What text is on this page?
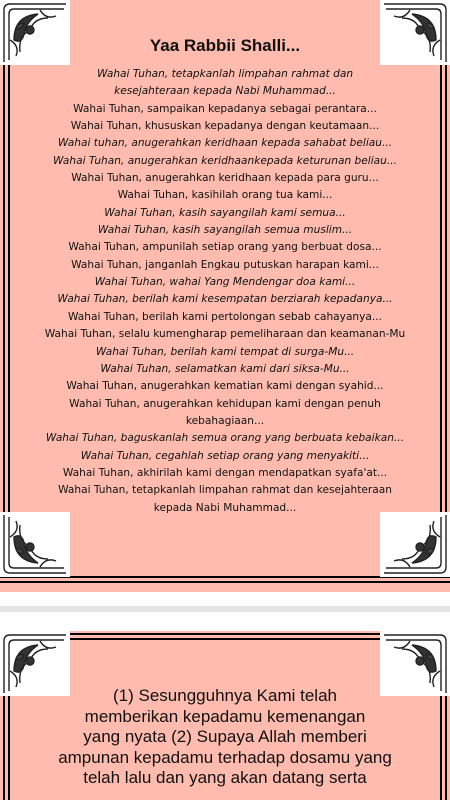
Yaa Rabbii Shalli...
Wahai Tuhan, tetapkanlah limpahan rahmat dan
kesejahteraan kepada Nabi Muhammad...
Wahai Tuhan, sampaikan kepadanya sebagai perantara...
Wahai Tuhan, khususkan kepadanya dengan keutamaan...
Wahai tuhan, anugerahkan keridhaan kepada sahabat beliau...
Wahai Tuhan, anugerahkan keridhaankepada keturunan beliau...
Wahai Tuhan, anugerahkan keridhaan kepada para guru...
Wahai Tuhan, kasihilah orang tua kami...
Wahai Tuhan, kasih sayangilah kami semua...
Wahai Tuhan, kasih sayangilah semua muslim...
Wahai Tuhan, ampunilah setiap orang yang berbuat dosa...
Wahai Tuhan, janganlah Engkau putuskan harapan kami...
Wahai Tuhan, wahai Yang Mendengar doa kami...
Wahai Tuhan, berilah kami kesempatan berziarah kepadanya...
Wahai Tuhan, berilah kami pertolongan sebab cahayanya...
Wahai Tuhan, selalu kumengharap pemeliharaan dan keamanan-Mu
Wahai Tuhan, berilah kami tempat di surga-Mu...
Wahai Tuhan, selamatkan kami dari siksa-Mu...
Wahai Tuhan, anugerahkan kematian kami dengan syahid...
Wahai Tuhan, anugerahkan kehidupan kami dengan penuh
kebahagiaan...
Wahai Tuhan, baguskanlah semua orang yang berbuata kebaikan...
Wahai Tuhan, cegahlah setiap orang yang menyakiti...
Wahai Tuhan, akhirilah kami dengan mendapatkan syafa'at...
Wahai Tuhan, tetapkanlah limpahan rahmat dan kesejahteraan
kepada Nabi Muhammad...
(1) Sesungguhnya Kami telah
memberikan kepadamu kemenangan
yang nyata (2) Supaya Allah memberi
ampunan kepadamu terhadap dosamu yang
telah lalu dan yang akan datang serta
